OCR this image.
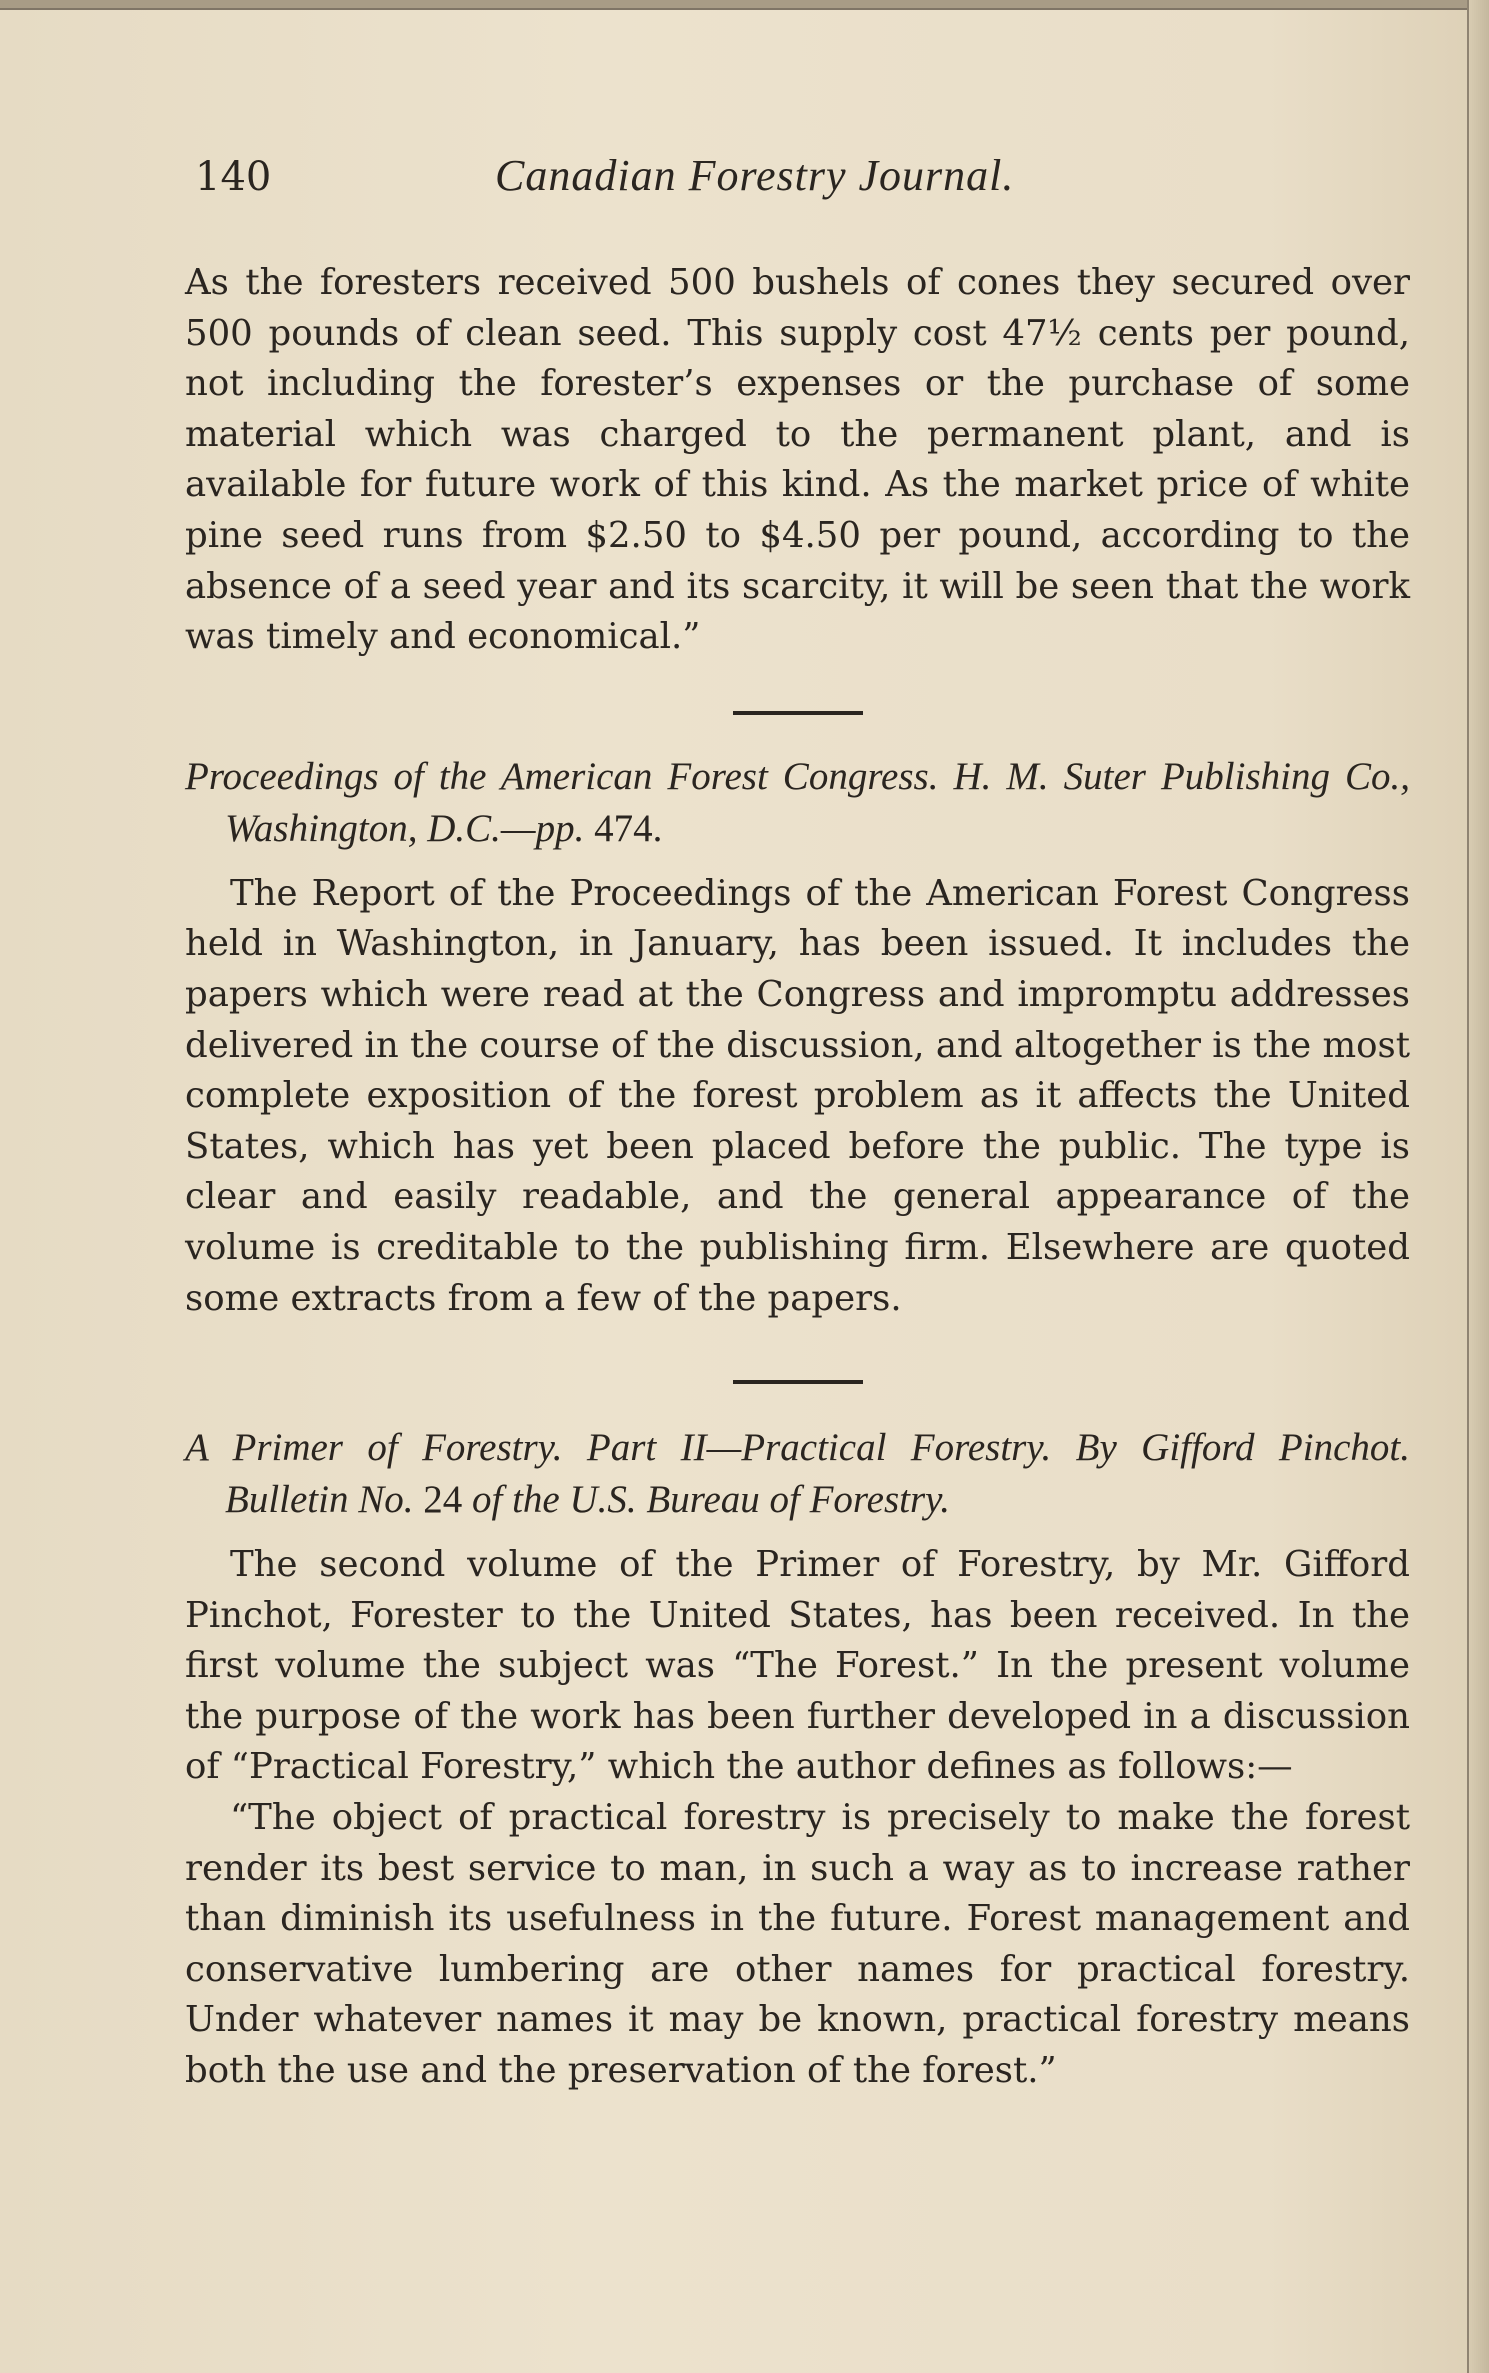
140	Canadian Forestry Journal.

As the foresters received 500 bushels of cones they secured over 500 pounds of clean seed. This supply cost 47½ cents per pound, not including the forester’s expenses or the purchase of some material which was charged to the permanent plant, and is available for future work of this kind. As the market price of white pine seed runs from $2.50 to $4.50 per pound, according to the absence of a seed year and its scarcity, it will be seen that the work was timely and economical.”

Proceedings of the American Forest Congress. H. M. Suter Publishing Co., Washington, D.C.—pp. 474.

The Report of the Proceedings of the American Forest Congress held in Washington, in January, has been issued. It includes the papers which were read at the Congress and impromptu addresses delivered in the course of the discussion, and altogether is the most complete exposition of the forest problem as it affects the United States, which has yet been placed before the public. The type is clear and easily readable, and the general appearance of the volume is creditable to the publishing firm. Elsewhere are quoted some extracts from a few of the papers.

A Primer of Forestry. Part II—Practical Forestry. By Gifford Pinchot. Bulletin No. 24 of the U.S. Bureau of Forestry.

The second volume of the Primer of Forestry, by Mr. Gifford Pinchot, Forester to the United States, has been received. In the first volume the subject was “The Forest.” In the present volume the purpose of the work has been further developed in a discussion of “Practical Forestry,” which the author defines as follows:—

“The object of practical forestry is precisely to make the forest render its best service to man, in such a way as to increase rather than diminish its usefulness in the future. Forest management and conservative lumbering are other names for practical forestry. Under whatever names it may be known, practical forestry means both the use and the preservation of the forest.”
